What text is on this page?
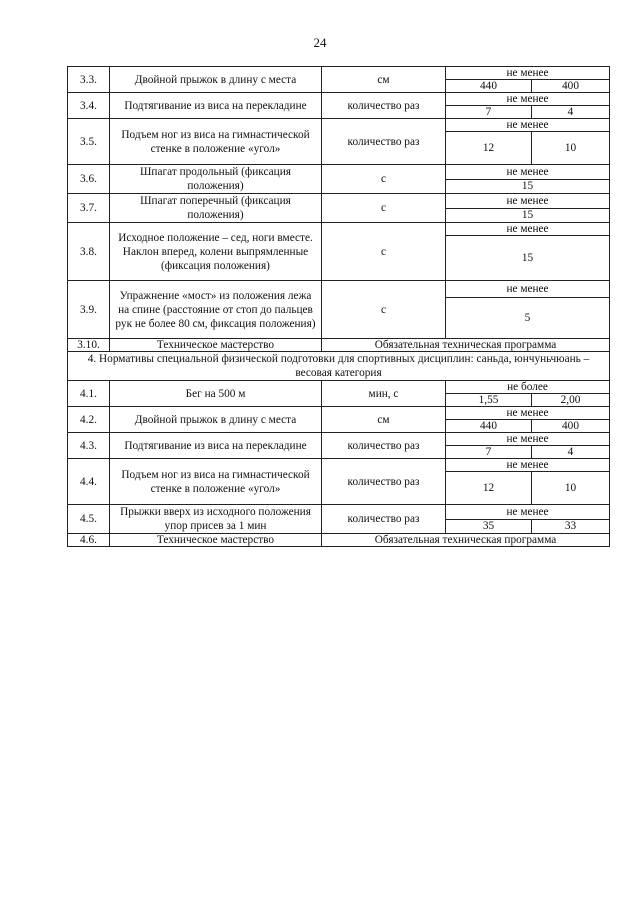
24
3.3.	Двойной прыжок в длину с места	см	не менее	
			440	400
3.4.	Подтягивание из виса на перекладине	количество раз	не менее	
			7	4
3.5.	Подъем ног из виса на гимнастической стенке в положение «угол»	количество раз	не менее	
			12	10
3.6.	Шпагат продольный (фиксация положения)	с	не менее	
			15	
3.7.	Шпагат поперечный (фиксация положения)	с	не менее	
			15	
3.8.	Исходное положение – сед, ноги вместе. Наклон вперед, колени выпрямленные (фиксация положения)	с	не менее	
			15	
3.9.	Упражнение «мост» из положения лежа на спине (расстояние от стоп до пальцев рук не более 80 см, фиксация положения)	с	не менее	
			5	
3.10.	Техническое мастерство	Обязательная техническая программа		
4. Нормативы специальной физической подготовки для спортивных дисциплин: саньда, юнчуньчюань – весовая категория				
4.1.	Бег на 500 м	мин, с	не более	
			1,55	2,00
4.2.	Двойной прыжок в длину с места	см	не менее	
			440	400
4.3.	Подтягивание из виса на перекладине	количество раз	не менее	
			7	4
4.4.	Подъем ног из виса на гимнастической стенке в положение «угол»	количество раз	не менее	
			12	10
4.5.	Прыжки вверх из исходного положения упор присев за 1 мин	количество раз	не менее	
			35	33
4.6.	Техническое мастерство	Обязательная техническая программа		
